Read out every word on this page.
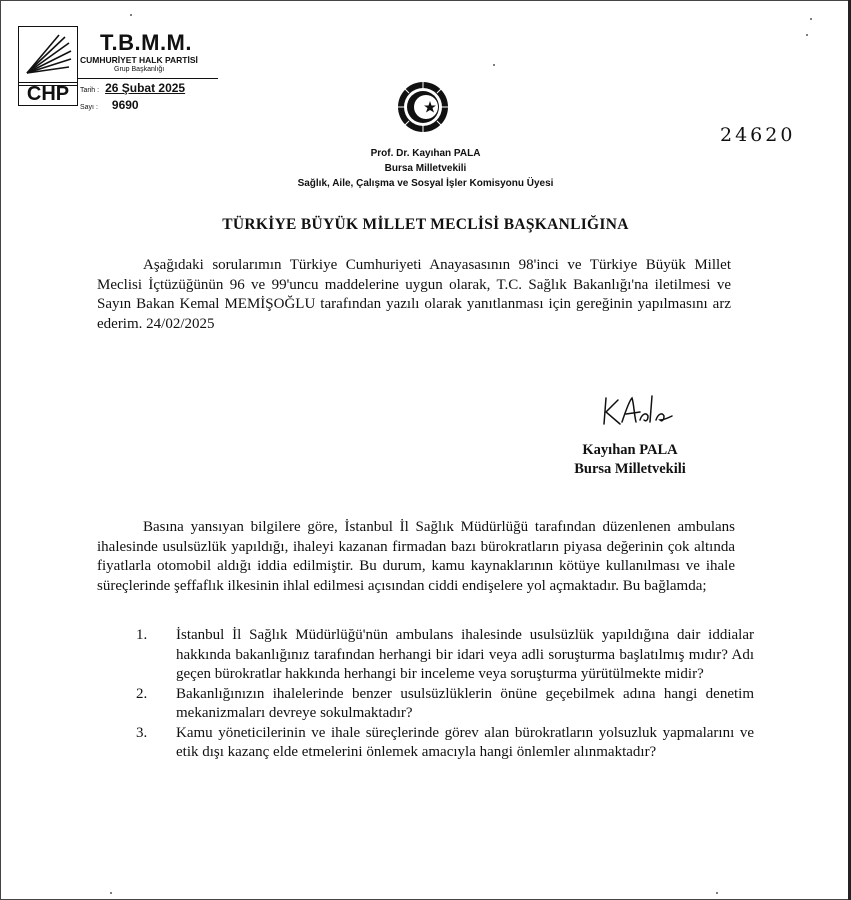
CHP
T.B.M.M.
CUMHURİYET HALK PARTİSİ
Grup Başkanlığı
Tarih : 26 Şubat 2025
Sayı : 9690
24620
Prof. Dr. Kayıhan PALA
Bursa Milletvekili
Sağlık, Aile, Çalışma ve Sosyal İşler Komisyonu Üyesi
TÜRKİYE BÜYÜK MİLLET MECLİSİ BAŞKANLIĞINA
Aşağıdaki sorularımın Türkiye Cumhuriyeti Anayasasının 98'inci ve Türkiye Büyük Millet Meclisi İçtüzüğünün 96 ve 99'uncu maddelerine uygun olarak, T.C. Sağlık Bakanlığı'na iletilmesi ve Sayın Bakan Kemal MEMİŞOĞLU tarafından yazılı olarak yanıtlanması için gereğinin yapılmasını arz ederim. 24/02/2025
Kayıhan PALA
Bursa Milletvekili
Basına yansıyan bilgilere göre, İstanbul İl Sağlık Müdürlüğü tarafından düzenlenen ambulans ihalesinde usulsüzlük yapıldığı, ihaleyi kazanan firmadan bazı bürokratların piyasa değerinin çok altında fiyatlarla otomobil aldığı iddia edilmiştir. Bu durum, kamu kaynaklarının kötüye kullanılması ve ihale süreçlerinde şeffaflık ilkesinin ihlal edilmesi açısından ciddi endişelere yol açmaktadır. Bu bağlamda;
1. İstanbul İl Sağlık Müdürlüğü'nün ambulans ihalesinde usulsüzlük yapıldığına dair iddialar hakkında bakanlığınız tarafından herhangi bir idari veya adli soruşturma başlatılmış mıdır? Adı geçen bürokratlar hakkında herhangi bir inceleme veya soruşturma yürütülmekte midir?
2. Bakanlığınızın ihalelerinde benzer usulsüzlüklerin önüne geçebilmek adına hangi denetim mekanizmaları devreye sokulmaktadır?
3. Kamu yöneticilerinin ve ihale süreçlerinde görev alan bürokratların yolsuzluk yapmalarını ve etik dışı kazanç elde etmelerini önlemek amacıyla hangi önlemler alınmaktadır?
